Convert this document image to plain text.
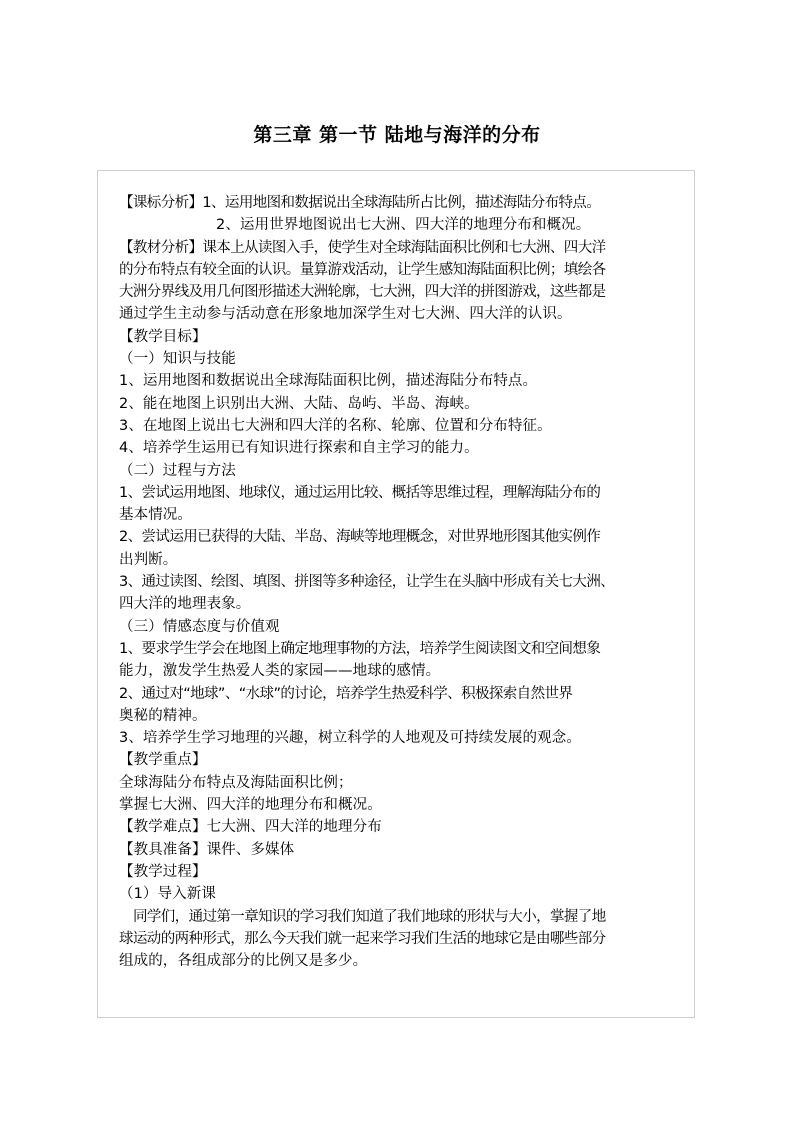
第三章 第一节 陆地与海洋的分布
【课标分析】1、运用地图和数据说出全球海陆所占比例，描述海陆分布特点。
2、运用世界地图说出七大洲、四大洋的地理分布和概况。
【教材分析】课本上从读图入手，使学生对全球海陆面积比例和七大洲、四大洋
的分布特点有较全面的认识。量算游戏活动，让学生感知海陆面积比例；填绘各
大洲分界线及用几何图形描述大洲轮廓，七大洲，四大洋的拼图游戏，这些都是
通过学生主动参与活动意在形象地加深学生对七大洲、四大洋的认识。
【教学目标】
（一）知识与技能
1、运用地图和数据说出全球海陆面积比例，描述海陆分布特点。
2、能在地图上识别出大洲、大陆、岛屿、半岛、海峡。
3、在地图上说出七大洲和四大洋的名称、轮廓、位置和分布特征。
4、培养学生运用已有知识进行探索和自主学习的能力。
（二）过程与方法
1、尝试运用地图、地球仪，通过运用比较、概括等思维过程，理解海陆分布的
基本情况。
2、尝试运用已获得的大陆、半岛、海峡等地理概念，对世界地形图其他实例作
出判断。
3、通过读图、绘图、填图、拼图等多种途径，让学生在头脑中形成有关七大洲、
四大洋的地理表象。
（三）情感态度与价值观
1、要求学生学会在地图上确定地理事物的方法，培养学生阅读图文和空间想象
能力，激发学生热爱人类的家园——地球的感情。
2、通过对“地球”、“水球”的讨论，培养学生热爱科学、积极探索自然世界
奥秘的精神。
3、培养学生学习地理的兴趣，树立科学的人地观及可持续发展的观念。
【教学重点】
全球海陆分布特点及海陆面积比例；
掌握七大洲、四大洋的地理分布和概况。
【教学难点】七大洲、四大洋的地理分布
【教具准备】课件、多媒体
【教学过程】
（1）导入新课
同学们，通过第一章知识的学习我们知道了我们地球的形状与大小，掌握了地
球运动的两种形式，那么今天我们就一起来学习我们生活的地球它是由哪些部分
组成的，各组成部分的比例又是多少。
